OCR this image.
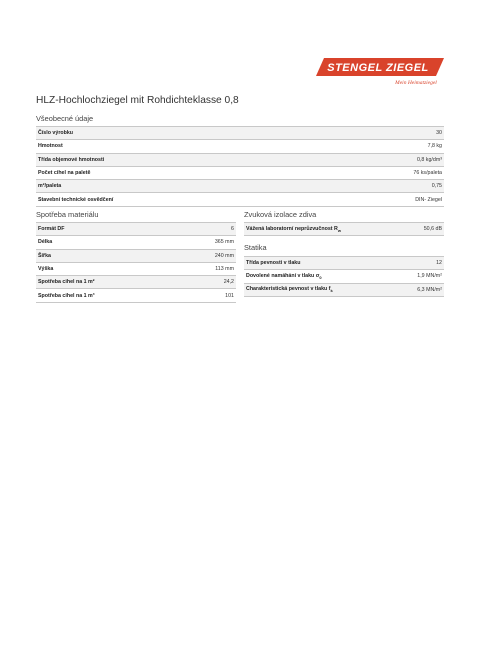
STENGEL ZIEGEL
Mein Heimatziegel
HLZ-Hochlochziegel mit Rohdichteklasse 0,8
Všeobecné údaje
Číslo výrobku	30
Hmotnost	7,8 kg
Třída objemové hmotnosti	0,8 kg/dm³
Počet cihel na paletě	76 ks/paleta
m²/paleta	0,75
Stavební technické osvědčení	DIN- Ziegel
Spotřeba materiálu
Formát DF	6
Délka	365 mm
Šířka	240 mm
Výška	113 mm
Spotřeba cihel na 1 m²	24,2
Spotřeba cihel na 1 m³	101
Zvuková izolace zdiva
Vážená laboratorní neprůzvučnost $R_w$	50,6 dB
Statika
Třída pevnosti v tlaku	12
Dovolené namáhání v tlaku $\sigma_0$	1,9 MN/m²
Charakteristická pevnost v tlaku $f_k$	6,3 MN/m²
